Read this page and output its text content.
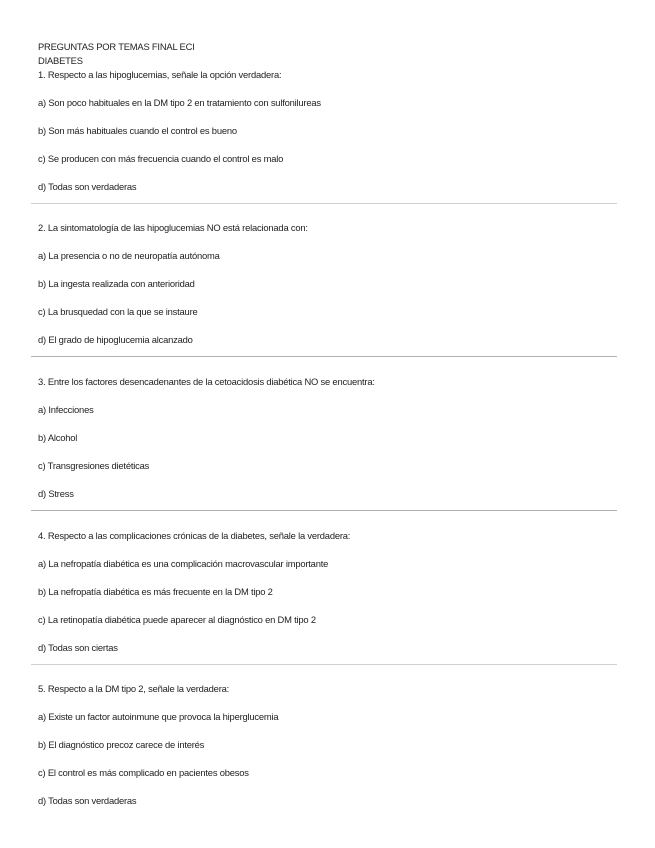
PREGUNTAS POR TEMAS FINAL ECI
DIABETES
1. Respecto a las hipoglucemias, señale la opción verdadera:
a) Son poco habituales en la DM tipo 2 en tratamiento con sulfonilureas
b) Son más habituales cuando el control es bueno
c) Se producen con más frecuencia cuando el control es malo
d) Todas son verdaderas
2. La sintomatología de las hipoglucemias NO está relacionada con:
a) La presencia o no de neuropatía autónoma
b) La ingesta realizada con anterioridad
c) La brusquedad con la que se instaure
d) El grado de hipoglucemia alcanzado
3. Entre los factores desencadenantes de la cetoacidosis diabética NO se encuentra:
a) Infecciones
b) Alcohol
c) Transgresiones dietéticas
d) Stress
4. Respecto a las complicaciones crónicas de la diabetes, señale la verdadera:
a) La nefropatía diabética es una complicación macrovascular importante
b) La nefropatía diabética es más frecuente en la DM tipo 2
c) La retinopatía diabética puede aparecer al diagnóstico en DM tipo 2
d) Todas son ciertas
5. Respecto a la DM tipo 2, señale la verdadera:
a) Existe un factor autoinmune que provoca la hiperglucemia
b) El diagnóstico precoz carece de interés
c) El control es más complicado en pacientes obesos
d) Todas son verdaderas
